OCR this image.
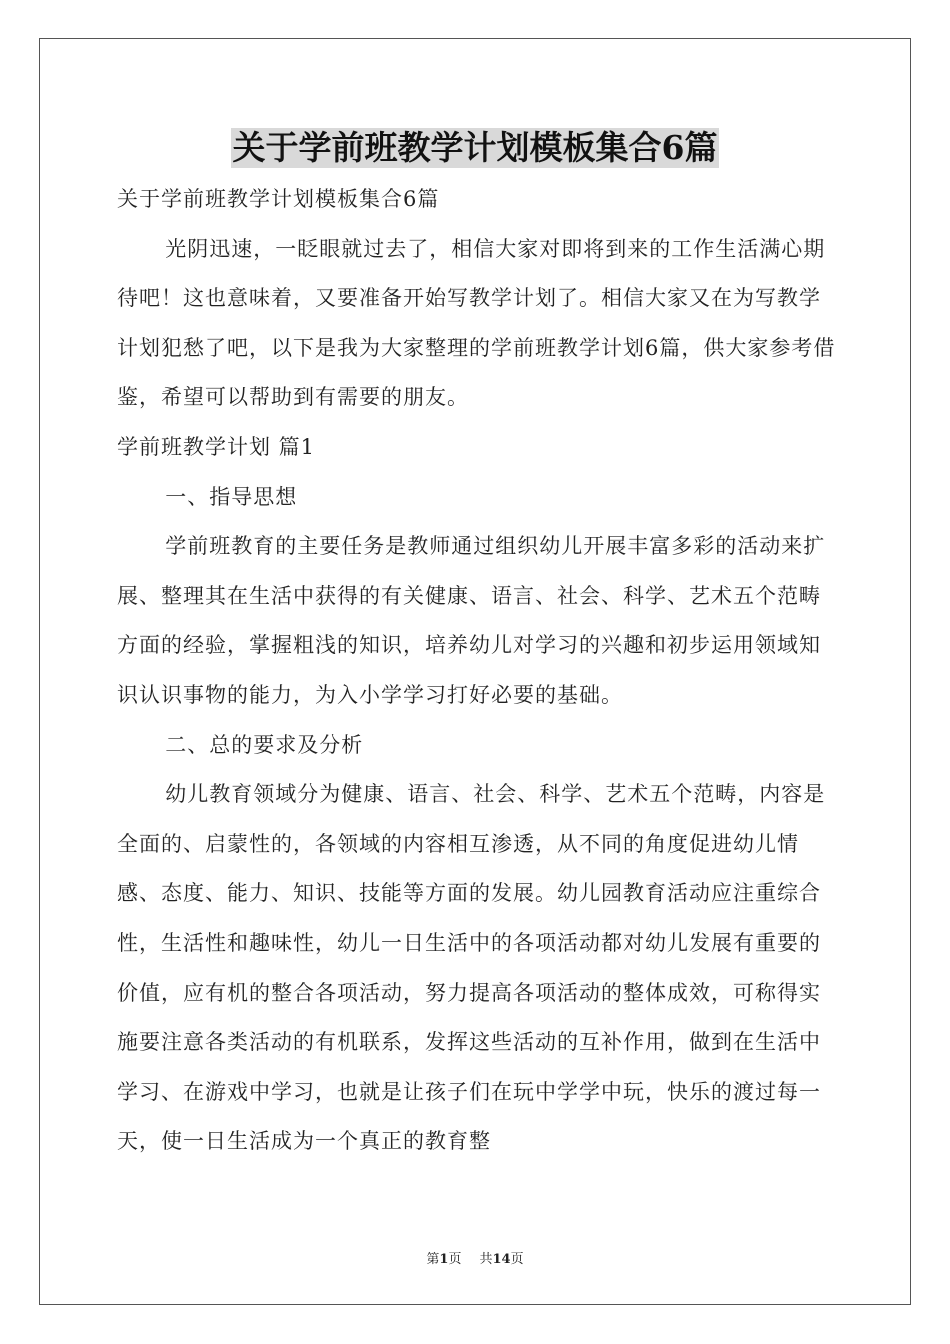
关于学前班教学计划模板集合6篇

关于学前班教学计划模板集合6篇

光阴迅速，一眨眼就过去了，相信大家对即将到来的工作生活满心期待吧！这也意味着，又要准备开始写教学计划了。相信大家又在为写教学计划犯愁了吧，以下是我为大家整理的学前班教学计划6篇，供大家参考借鉴，希望可以帮助到有需要的朋友。

学前班教学计划 篇1

一、指导思想

学前班教育的主要任务是教师通过组织幼儿开展丰富多彩的活动来扩展、整理其在生活中获得的有关健康、语言、社会、科学、艺术五个范畴方面的经验，掌握粗浅的知识，培养幼儿对学习的兴趣和初步运用领域知识认识事物的能力，为入小学学习打好必要的基础。

二、总的要求及分析

幼儿教育领域分为健康、语言、社会、科学、艺术五个范畴，内容是全面的、启蒙性的，各领域的内容相互渗透，从不同的角度促进幼儿情感、态度、能力、知识、技能等方面的发展。幼儿园教育活动应注重综合性，生活性和趣味性，幼儿一日生活中的各项活动都对幼儿发展有重要的价值，应有机的整合各项活动，努力提高各项活动的整体成效，可称得实施要注意各类活动的有机联系，发挥这些活动的互补作用，做到在生活中学习、在游戏中学习，也就是让孩子们在玩中学学中玩，快乐的渡过每一天，使一日生活成为一个真正的教育整

第1页 共14页
